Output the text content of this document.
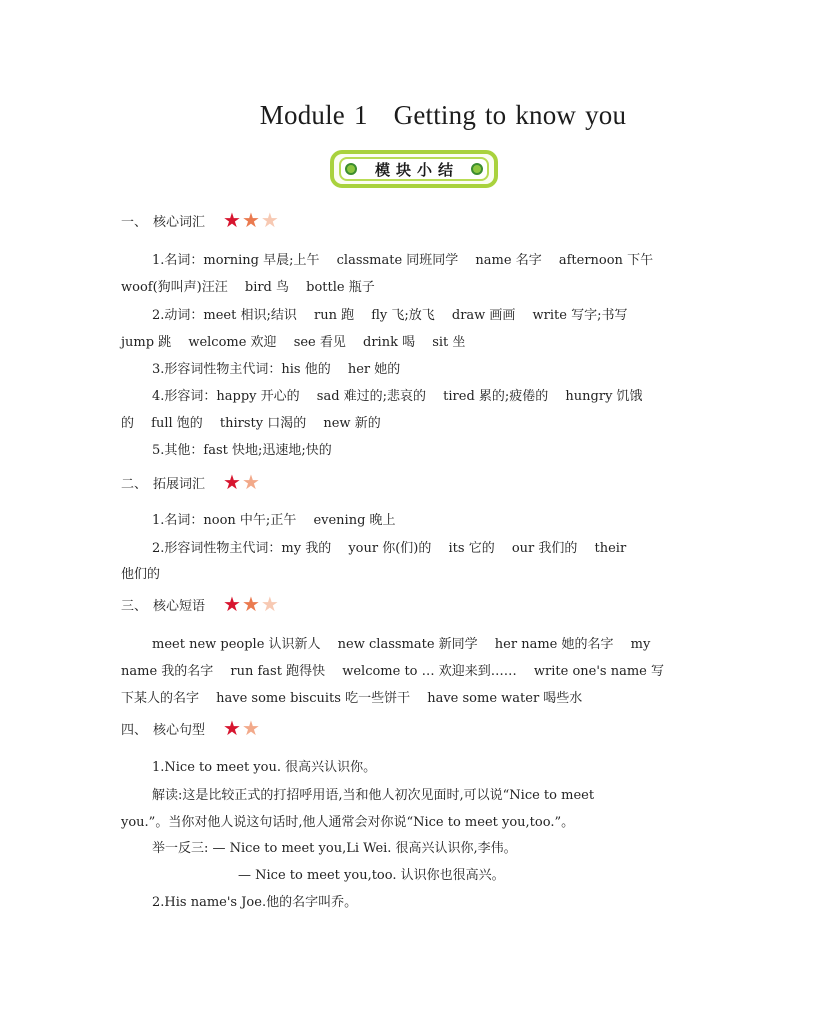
Module 1 Getting to know you
模块小结
一、 核心词汇 ★ ★ ★
1.名词：morning 早晨;上午　 classmate 同班同学　 name 名字　 afternoon 下午
woof(狗叫声)汪汪　 bird 鸟　 bottle 瓶子
2.动词：meet 相识;结识　 run 跑　 fly 飞;放飞　 draw 画画　 write 写字;书写
jump 跳　 welcome 欢迎　 see 看见　 drink 喝　 sit 坐
3.形容词性物主代词：his 他的　 her 她的
4.形容词：happy 开心的　 sad 难过的;悲哀的　 tired 累的;疲倦的　 hungry 饥饿
的　 full 饱的　 thirsty 口渴的　 new 新的
5.其他：fast 快地;迅速地;快的
二、 拓展词汇 ★ ★
1.名词：noon 中午;正午　 evening 晚上
2.形容词性物主代词：my 我的　 your 你(们)的　 its 它的　 our 我们的　 their
他们的
三、 核心短语 ★ ★ ★
meet new people 认识新人　 new classmate 新同学　 her name 她的名字　 my
name 我的名字　 run fast 跑得快　 welcome to … 欢迎来到……　 write one's name 写
下某人的名字　 have some biscuits 吃一些饼干　 have some water 喝些水
四、 核心句型 ★ ★
1.Nice to meet you. 很高兴认识你。
解读:这是比较正式的打招呼用语,当和他人初次见面时,可以说“Nice to meet
you.”。当你对他人说这句话时,他人通常会对你说“Nice to meet you,too.”。
举一反三: — Nice to meet you,Li Wei. 很高兴认识你,李伟。
— Nice to meet you,too. 认识你也很高兴。
2.His name's Joe.他的名字叫乔。
